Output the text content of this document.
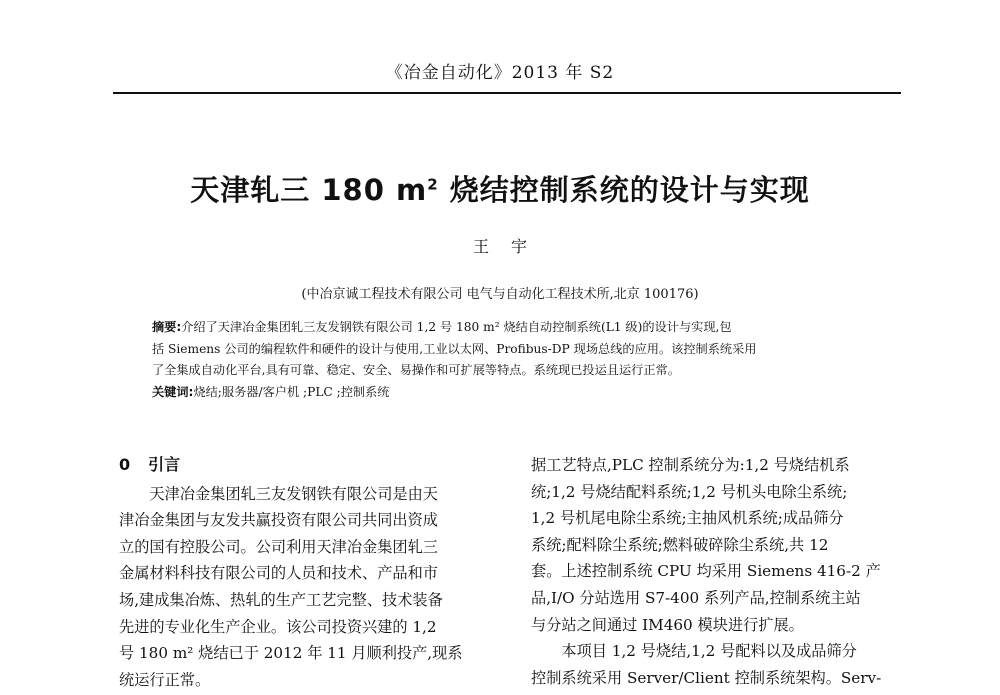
《冶金自动化》2013 年 S2
天津轧三 180 $m^2$ 烧结控制系统的设计与实现
王宇
(中冶京诚工程技术有限公司 电气与自动化工程技术所,北京 100176)
摘要:介绍了天津冶金集团轧三友发钢铁有限公司 1,2 号 180 m² 烧结自动控制系统(L1 级)的设计与实现,包
括 Siemens 公司的编程软件和硬件的设计与使用,工业以太网、Profibus-DP 现场总线的应用。该控制系统采用
了全集成自动化平台,具有可靠、稳定、安全、易操作和可扩展等特点。系统现已投运且运行正常。
关键词:烧结;服务器/客户机 ;PLC ;控制系统
0 引言
天津冶金集团轧三友发钢铁有限公司是由天
津冶金集团与友发共赢投资有限公司共同出资成
立的国有控股公司。公司利用天津冶金集团轧三
金属材料科技有限公司的人员和技术、产品和市
场,建成集冶炼、热轧的生产工艺完整、技术装备
先进的专业化生产企业。该公司投资兴建的 1,2
号 180 m² 烧结已于 2012 年 11 月顺利投产,现系
统运行正常。
据工艺特点,PLC 控制系统分为:1,2 号烧结机系
统;1,2 号烧结配料系统;1,2 号机头电除尘系统;
1,2 号机尾电除尘系统;主抽风机系统;成品筛分
系统;配料除尘系统;燃料破碎除尘系统,共 12
套。上述控制系统 CPU 均采用 Siemens 416-2 产
品,I/O 分站选用 S7-400 系列产品,控制系统主站
与分站之间通过 IM460 模块进行扩展。
本项目 1,2 号烧结,1,2 号配料以及成品筛分
控制系统采用 Server/Client 控制系统架构。Serv-
